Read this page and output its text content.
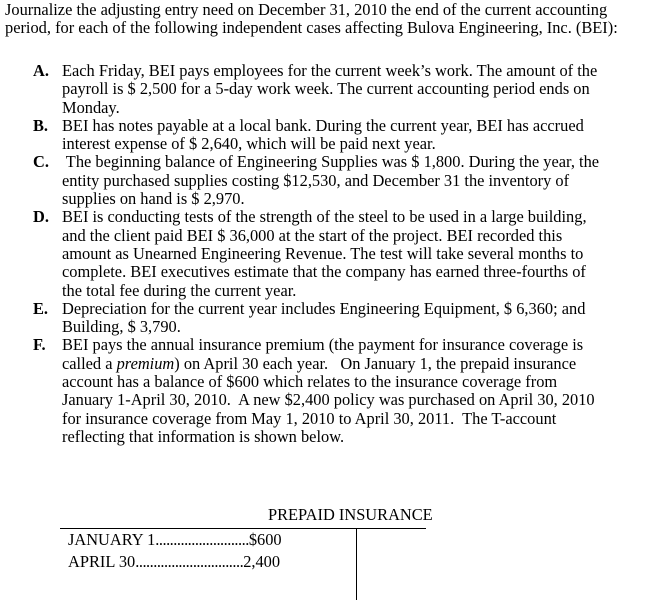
Journalize the adjusting entry need on December 31, 2010 the end of the current accounting

period, for each of the following independent cases affecting Bulova Engineering, Inc. (BEI):

A. Each Friday, BEI pays employees for the current week’s work. The amount of the
payroll is $ 2,500 for a 5-day work week. The current accounting period ends on
Monday.
B. BEI has notes payable at a local bank. During the current year, BEI has accrued
interest expense of $ 2,640, which will be paid next year.
C. The beginning balance of Engineering Supplies was $ 1,800. During the year, the
entity purchased supplies costing $12,530, and December 31 the inventory of
supplies on hand is $ 2,970.
D. BEI is conducting tests of the strength of the steel to be used in a large building,
and the client paid BEI $ 36,000 at the start of the project. BEI recorded this
amount as Unearned Engineering Revenue. The test will take several months to
complete. BEI executives estimate that the company has earned three-fourths of
the total fee during the current year.
E. Depreciation for the current year includes Engineering Equipment, $ 6,360; and
Building, $ 3,790.
F. BEI pays the annual insurance premium (the payment for insurance coverage is
called a premium) on April 30 each year.   On January 1, the prepaid insurance
account has a balance of $600 which relates to the insurance coverage from
January 1-April 30, 2010.  A new $2,400 policy was purchased on April 30, 2010
for insurance coverage from May 1, 2010 to April 30, 2011.  The T-account
reflecting that information is shown below.
PREPAID INSURANCE
JANUARY 1..........................$600
APRIL 30..............................2,400
